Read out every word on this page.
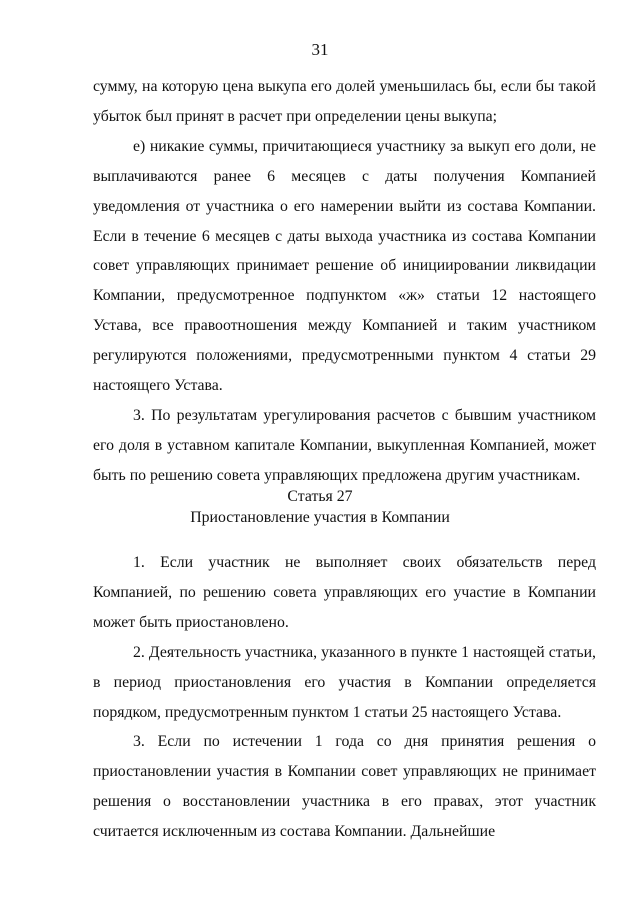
31

сумму, на которую цена выкупа его долей уменьшилась бы, если бы такой убыток был принят в расчет при определении цены выкупа;

е) никакие суммы, причитающиеся участнику за выкуп его доли, не выплачиваются ранее 6 месяцев с даты получения Компанией уведомления от участника о его намерении выйти из состава Компании. Если в течение 6 месяцев с даты выхода участника из состава Компании совет управляющих принимает решение об инициировании ликвидации Компании, предусмотренное подпунктом «ж» статьи 12 настоящего Устава, все правоотношения между Компанией и таким участником регулируются положениями, предусмотренными пунктом 4 статьи 29 настоящего Устава.

3. По результатам урегулирования расчетов с бывшим участником его доля в уставном капитале Компании, выкупленная Компанией, может быть по решению совета управляющих предложена другим участникам.

Статья 27
Приостановление участия в Компании

1. Если участник не выполняет своих обязательств перед Компанией, по решению совета управляющих его участие в Компании может быть приостановлено.

2. Деятельность участника, указанного в пункте 1 настоящей статьи, в период приостановления его участия в Компании определяется порядком, предусмотренным пунктом 1 статьи 25 настоящего Устава.

3. Если по истечении 1 года со дня принятия решения о приостановлении участия в Компании совет управляющих не принимает решения о восстановлении участника в его правах, этот участник считается исключенным из состава Компании. Дальнейшие
